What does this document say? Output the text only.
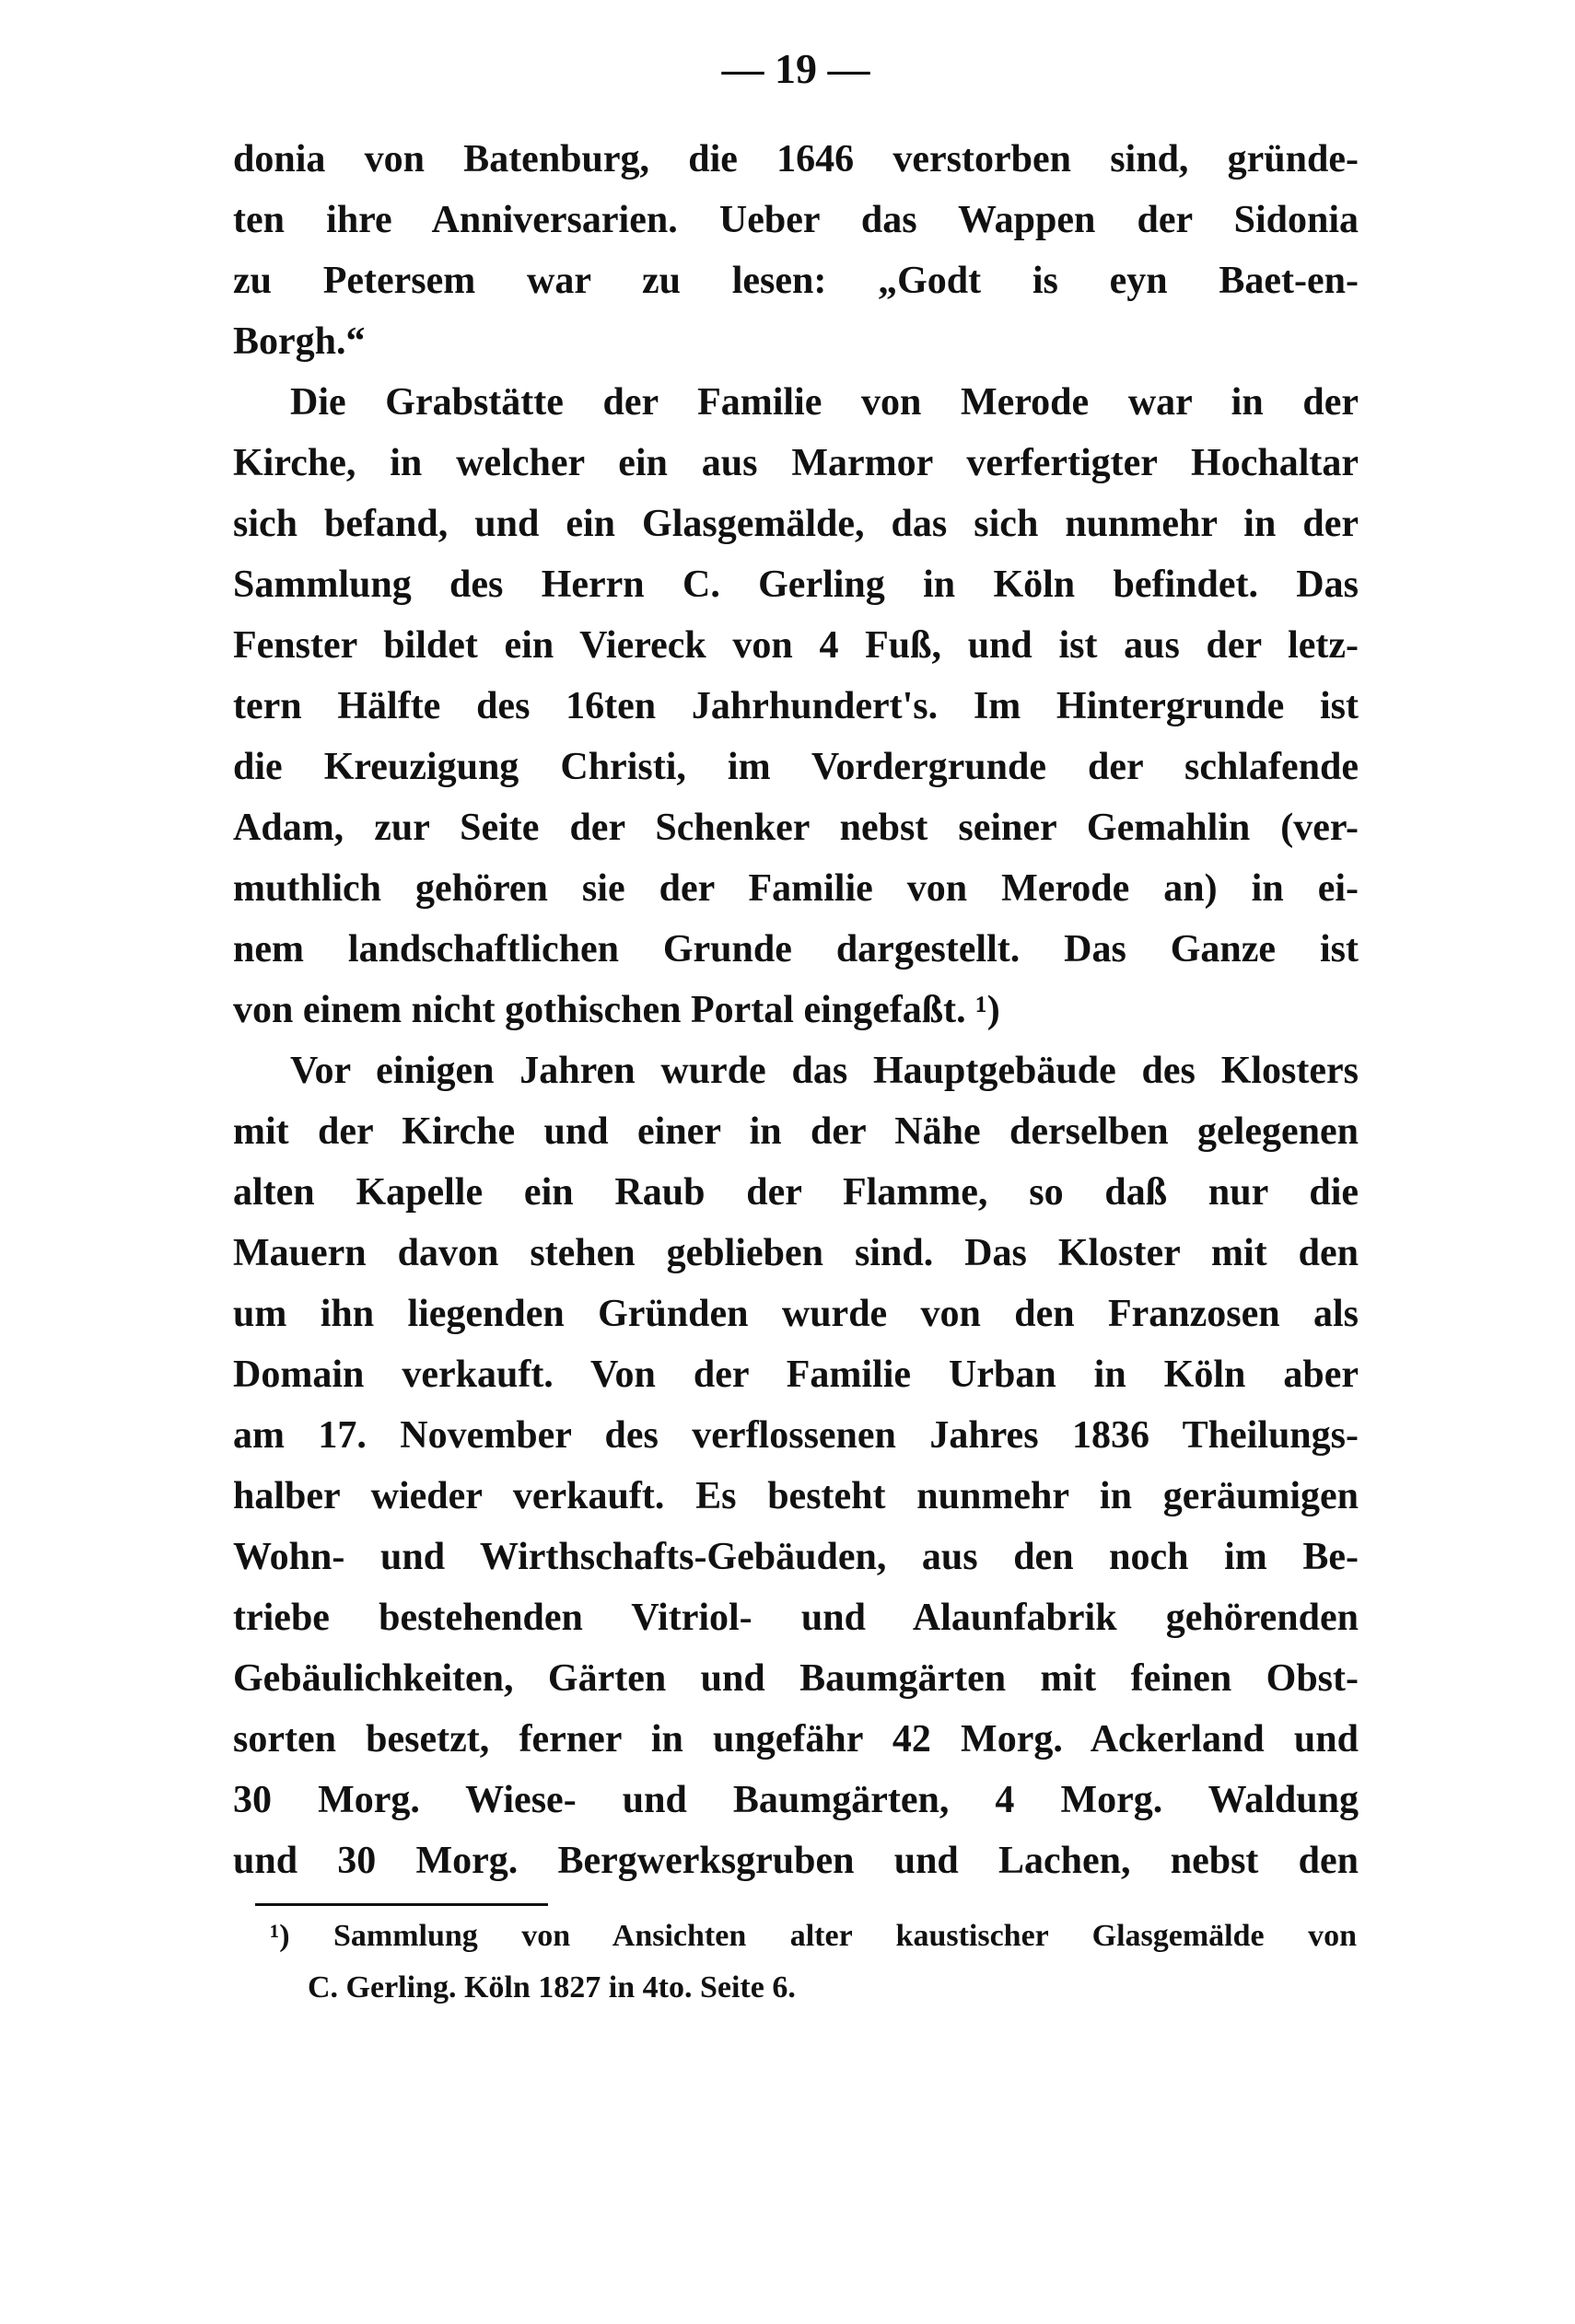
— 19 —
donia von Batenburg, die 1646 verstorben sind, gründe-
ten ihre Anniversarien. Ueber das Wappen der Sidonia
zu Petersem war zu lesen: „Godt is eyn Baet-en-
Borgh.“
Die Grabstätte der Familie von Merode war in der
Kirche, in welcher ein aus Marmor verfertigter Hochaltar
sich befand, und ein Glasgemälde, das sich nunmehr in der
Sammlung des Herrn C. Gerling in Köln befindet. Das
Fenster bildet ein Viereck von 4 Fuß, und ist aus der letz-
tern Hälfte des 16ten Jahrhundert's. Im Hintergrunde ist
die Kreuzigung Christi, im Vordergrunde der schlafende
Adam, zur Seite der Schenker nebst seiner Gemahlin (ver-
muthlich gehören sie der Familie von Merode an) in ei-
nem landschaftlichen Grunde dargestellt. Das Ganze ist
von einem nicht gothischen Portal eingefaßt. ¹)
Vor einigen Jahren wurde das Hauptgebäude des Klosters
mit der Kirche und einer in der Nähe derselben gelegenen
alten Kapelle ein Raub der Flamme, so daß nur die
Mauern davon stehen geblieben sind. Das Kloster mit den
um ihn liegenden Gründen wurde von den Franzosen als
Domain verkauft. Von der Familie Urban in Köln aber
am 17. November des verflossenen Jahres 1836 Theilungs-
halber wieder verkauft. Es besteht nunmehr in geräumigen
Wohn- und Wirthschafts-Gebäuden, aus den noch im Be-
triebe bestehenden Vitriol- und Alaunfabrik gehörenden
Gebäulichkeiten, Gärten und Baumgärten mit feinen Obst-
sorten besetzt, ferner in ungefähr 42 Morg. Ackerland und
30 Morg. Wiese- und Baumgärten, 4 Morg. Waldung
und 30 Morg. Bergwerksgruben und Lachen, nebst den
¹) Sammlung von Ansichten alter kaustischer Glasgemälde von
C. Gerling. Köln 1827 in 4to. Seite 6.
